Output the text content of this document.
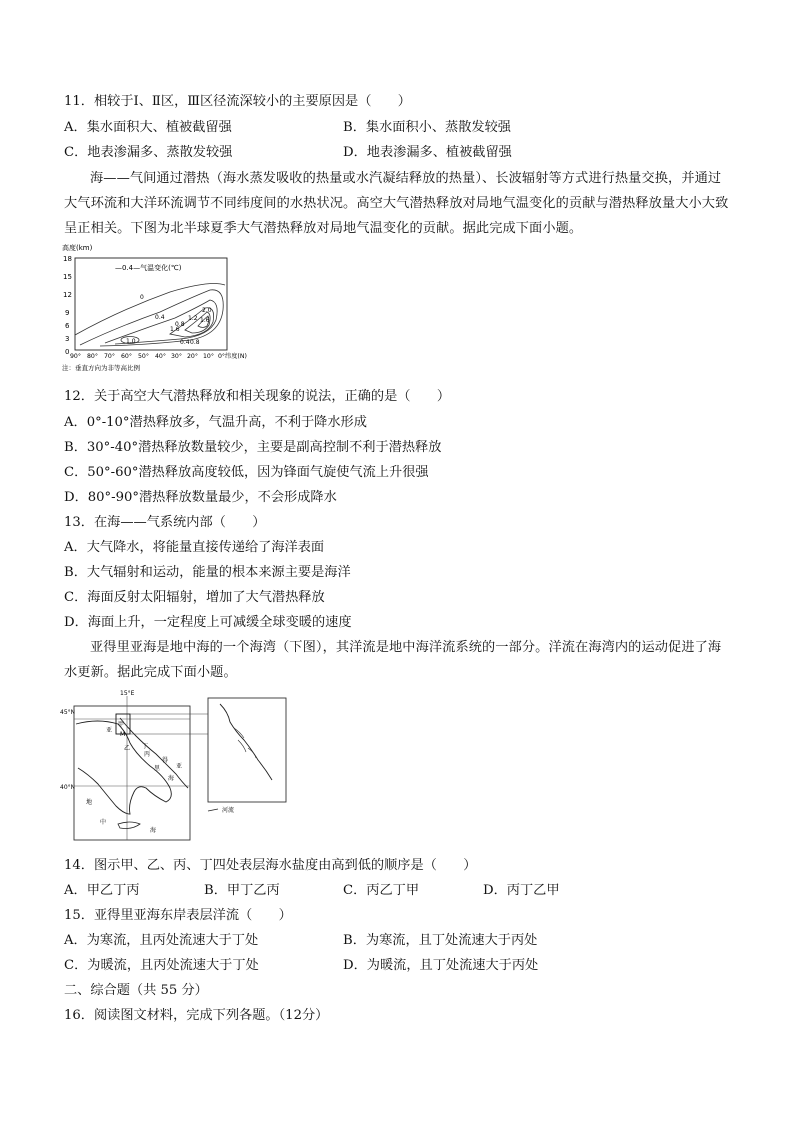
11．相较于Ⅰ、Ⅱ区，Ⅲ区径流深较小的主要原因是（　　）
A．集水面积大、植被截留强	B．集水面积小、蒸散发较强
C．地表渗漏多、蒸散发较强	D．地表渗漏多、植被截留强
海——气间通过潜热（海水蒸发吸收的热量或水汽凝结释放的热量）、长波辐射等方式进行热量交换，并通过大气环流和大洋环流调节不同纬度间的水热状况。高空大气潜热释放对局地气温变化的贡献与潜热释放量大小大致呈正相关。下图为北半球夏季大气潜热释放对局地气温变化的贡献。据此完成下面小题。
高度(km)
18
15
12
9
6
3
0
—0.4—气温变化(℃)
0
0.4
0.8
1.2 1.6
2.0
1.6
0.4 0.8
1.0
90° 80° 70° 60° 50° 40° 30° 20° 10° 0°纬度(N)
注：垂直方向为非等高比例
12．关于高空大气潜热释放和相关现象的说法，正确的是（　　）
A．0°-10°潜热释放多，气温升高，不利于降水形成
B．30°-40°潜热释放数量较少，主要是副高控制不利于潜热释放
C．50°-60°潜热释放高度较低，因为锋面气旋使气流上升很强
D．80°-90°潜热释放数量最少，不会形成降水
13．在海——气系统内部（　　）
A．大气降水，将能量直接传递给了海洋表面
B．大气辐射和运动，能量的根本来源主要是海洋
C．海面反射太阳辐射，增加了大气潜热释放
D．海面上升，一定程度上可减缓全球变暖的速度
亚得里亚海是地中海的一个海湾（下图），其洋流是地中海洋流系统的一部分。洋流在海湾内的运动促进了海水更新。据此完成下面小题。
15°E
45°N
40°N
亚
甲
丁
丙
乙
得
里	亚
海
地
中
海
M
河流
14．图示甲、乙、丙、丁四处表层海水盐度由高到低的顺序是（　　）
A．甲乙丁丙	B．甲丁乙丙	C．丙乙丁甲	D．丙丁乙甲
15．亚得里亚海东岸表层洋流（　　）
A．为寒流，且丙处流速大于丁处	B．为寒流，且丁处流速大于丙处
C．为暖流，且丙处流速大于丁处	D．为暖流，且丁处流速大于丙处
二、综合题（共 55 分）
16．阅读图文材料，完成下列各题。（12分）
